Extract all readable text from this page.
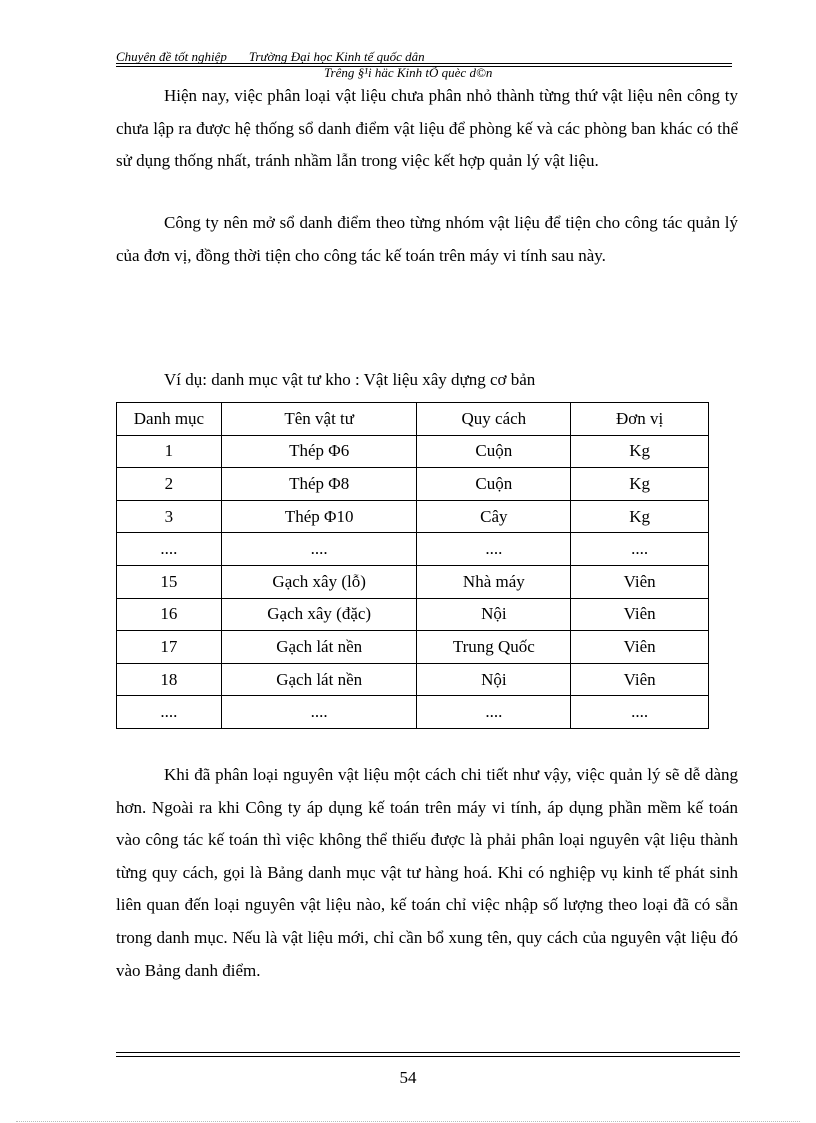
Chuyên đề tốt nghiệp Trường Đại học Kinh tế quốc dân
Trêng §¹i häc Kinh tÕ quèc d©n

Hiện nay, việc phân loại vật liệu chưa phân nhỏ thành từng thứ vật liệu nên công ty chưa lập ra được hệ thống sổ danh điểm vật liệu để phòng kế và các phòng ban khác có thể sử dụng thống nhất, tránh nhầm lẫn trong việc kết hợp quản lý vật liệu.

Công ty nên mở sổ danh điểm theo từng nhóm vật liệu để tiện cho công tác quản lý của đơn vị, đồng thời tiện cho công tác kế toán trên máy vi tính sau này.

Ví dụ: danh mục vật tư kho : Vật liệu xây dựng cơ bản
Danh mục	Tên vật tư	Quy cách	Đơn vị
1	Thép Φ6	Cuộn	Kg
2	Thép Φ8	Cuộn	Kg
3	Thép Φ10	Cây	Kg
....	....	....	....
15	Gạch xây (lỗ)	Nhà máy	Viên
16	Gạch xây (đặc)	Nội	Viên
17	Gạch lát nền	Trung Quốc	Viên
18	Gạch lát nền	Nội	Viên
....	....	....	....

Khi đã phân loại nguyên vật liệu một cách chi tiết như vậy, việc quản lý sẽ dễ dàng hơn. Ngoài ra khi Công ty áp dụng kế toán trên máy vi tính, áp dụng phần mềm kế toán vào công tác kế toán thì việc không thể thiếu được là phải phân loại nguyên vật liệu thành từng quy cách, gọi là Bảng danh mục vật tư hàng hoá. Khi có nghiệp vụ kinh tế phát sinh liên quan đến loại nguyên vật liệu nào, kế toán chỉ việc nhập số lượng theo loại đã có sẵn trong danh mục. Nếu là vật liệu mới, chỉ cần bổ xung tên, quy cách của nguyên vật liệu đó vào Bảng danh điểm.

54
